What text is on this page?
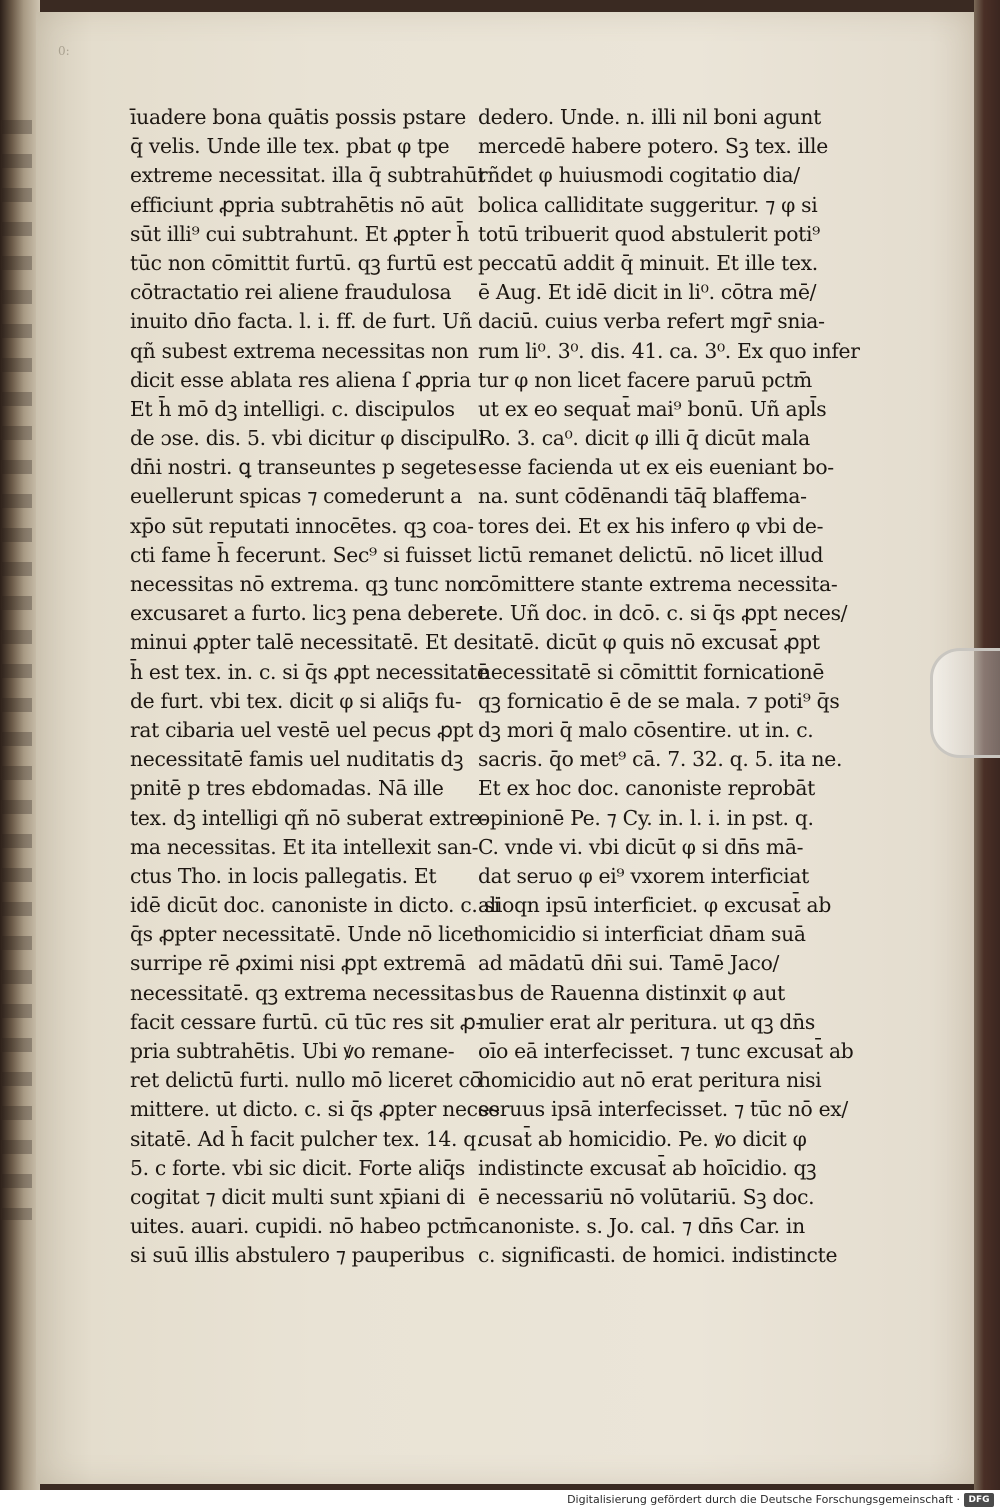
0:
īuadere bona quātis possis pstare
q̄ velis. Unde ille tex. pbat φ tpe
extreme necessitat. illa q̄ subtrahūt
efficiunt ꝓpria subtrahētis nō aūt
sūt illi⁹ cui subtrahunt. Et ꝓpter h̄
tūc non cōmittit furtū. qꝫ furtū est
cōtractatio rei aliene fraudulosa
inuito dn̄o facta. l. i. ff. de furt. Uñ
qñ subest extrema necessitas non
dicit esse ablata res aliena ſ ꝓpria
Et h̄ mō dꝫ intelligi. c. discipulos
de ɔse. dis. 5. vbi dicitur φ discipuli
dn̄i nostri. ꝗ transeuntes p segetes
euellerunt spicas ⁊ comederunt a
xp̄o sūt reputati innocētes. qꝫ coa-
cti fame h̄ fecerunt. Sec⁹ si fuisset
necessitas nō extrema. qꝫ tunc non
excusaret a furto. licꝫ pena deberet
minui ꝓpter talē necessitatē. Et de
h̄ est tex. in. c. si q̄s ꝓpt necessitatē
de furt. vbi tex. dicit φ si aliq̄s fu-
rat cibaria uel vestē uel pecus ꝓpt
necessitatē famis uel nuditatis dꝫ
pnitē p tres ebdomadas. Nā ille
tex. dꝫ intelligi qñ nō suberat extre-
ma necessitas. Et ita intellexit san-
ctus Tho. in locis pallegatis. Et
idē dicūt doc. canoniste in dicto. c. si
q̄s ꝓpter necessitatē. Unde nō licet
surripe rē ꝓximi nisi ꝓpt extremā
necessitatē. qꝫ extrema necessitas
facit cessare furtū. cū tūc res sit ꝓ-
pria subtrahētis. Ubi ꝟo remane-
ret delictū furti. nullo mō liceret cō
mittere. ut dicto. c. si q̄s ꝓpter neces
sitatē. Ad h̄ facit pulcher tex. 14. q.
5. c forte. vbi sic dicit. Forte aliq̄s
cogitat ⁊ dicit multi sunt xp̄iani di
uites. auari. cupidi. nō habeo pctm̄
si suū illis abstulero ⁊ pauperibus
dedero. Unde. n. illi nil boni agunt
mercedē habere potero. Sꝫ tex. ille
rñdet φ huiusmodi cogitatio dia/
bolica calliditate suggeritur. ⁊ φ si
totū tribuerit quod abstulerit poti⁹
peccatū addit q̄ minuit. Et ille tex.
ē Aug. Et idē dicit in li⁰. cōtra mē/
daciū. cuius verba refert mgr̄ snia-
rum li⁰. 3⁰. dis. 41. ca. 3⁰. Ex quo infer
tur φ non licet facere paruū pctm̄
ut ex eo sequat̄ mai⁹ bonū. Uñ apl̄s
Ro. 3. ca⁰. dicit φ illi q̄ dicūt mala
esse facienda ut ex eis eueniant bo-
na. sunt cōdēnandi tāq̄ blaffema-
tores dei. Et ex his infero φ vbi de-
lictū remanet delictū. nō licet illud
cōmittere stante extrema necessita-
te. Uñ doc. in dcō. c. si q̄s ꝓpt neces/
sitatē. dicūt φ quis nō excusat̄ ꝓpt
necessitatē si cōmittit fornicationē
qꝫ fornicatio ē de se mala. ⁊ poti⁹ q̄s
dꝫ mori q̄ malo cōsentire. ut in. c.
sacris. q̄o met⁹ cā. 7. 32. q. 5. ita ne.
Et ex hoc doc. canoniste reprobāt
opinionē Pe. ⁊ Cy. in. l. i. in pst. q.
C. vnde vi. vbi dicūt φ si dn̄s mā-
dat seruo φ ei⁹ vxorem interficiat
alioqn ipsū interficiet. φ excusat̄ ab
homicidio si interficiat dn̄am suā
ad mādatū dn̄i sui. Tamē Jaco/
bus de Rauenna distinxit φ aut
mulier erat alr peritura. ut qꝫ dn̄s
oīo eā interfecisset. ⁊ tunc excusat̄ ab
homicidio aut nō erat peritura nisi
seruus ipsā interfecisset. ⁊ tūc nō ex/
cusat̄ ab homicidio. Pe. ꝟo dicit φ
indistincte excusat̄ ab hoīcidio. qꝫ
ē necessariū nō volūtariū. Sꝫ doc.
canoniste. s. Jo. cal. ⁊ dn̄s Car. in
c. significasti. de homici. indistincte
Digitalisierung gefördert durch die Deutsche Forschungsgemeinschaft · DFG
